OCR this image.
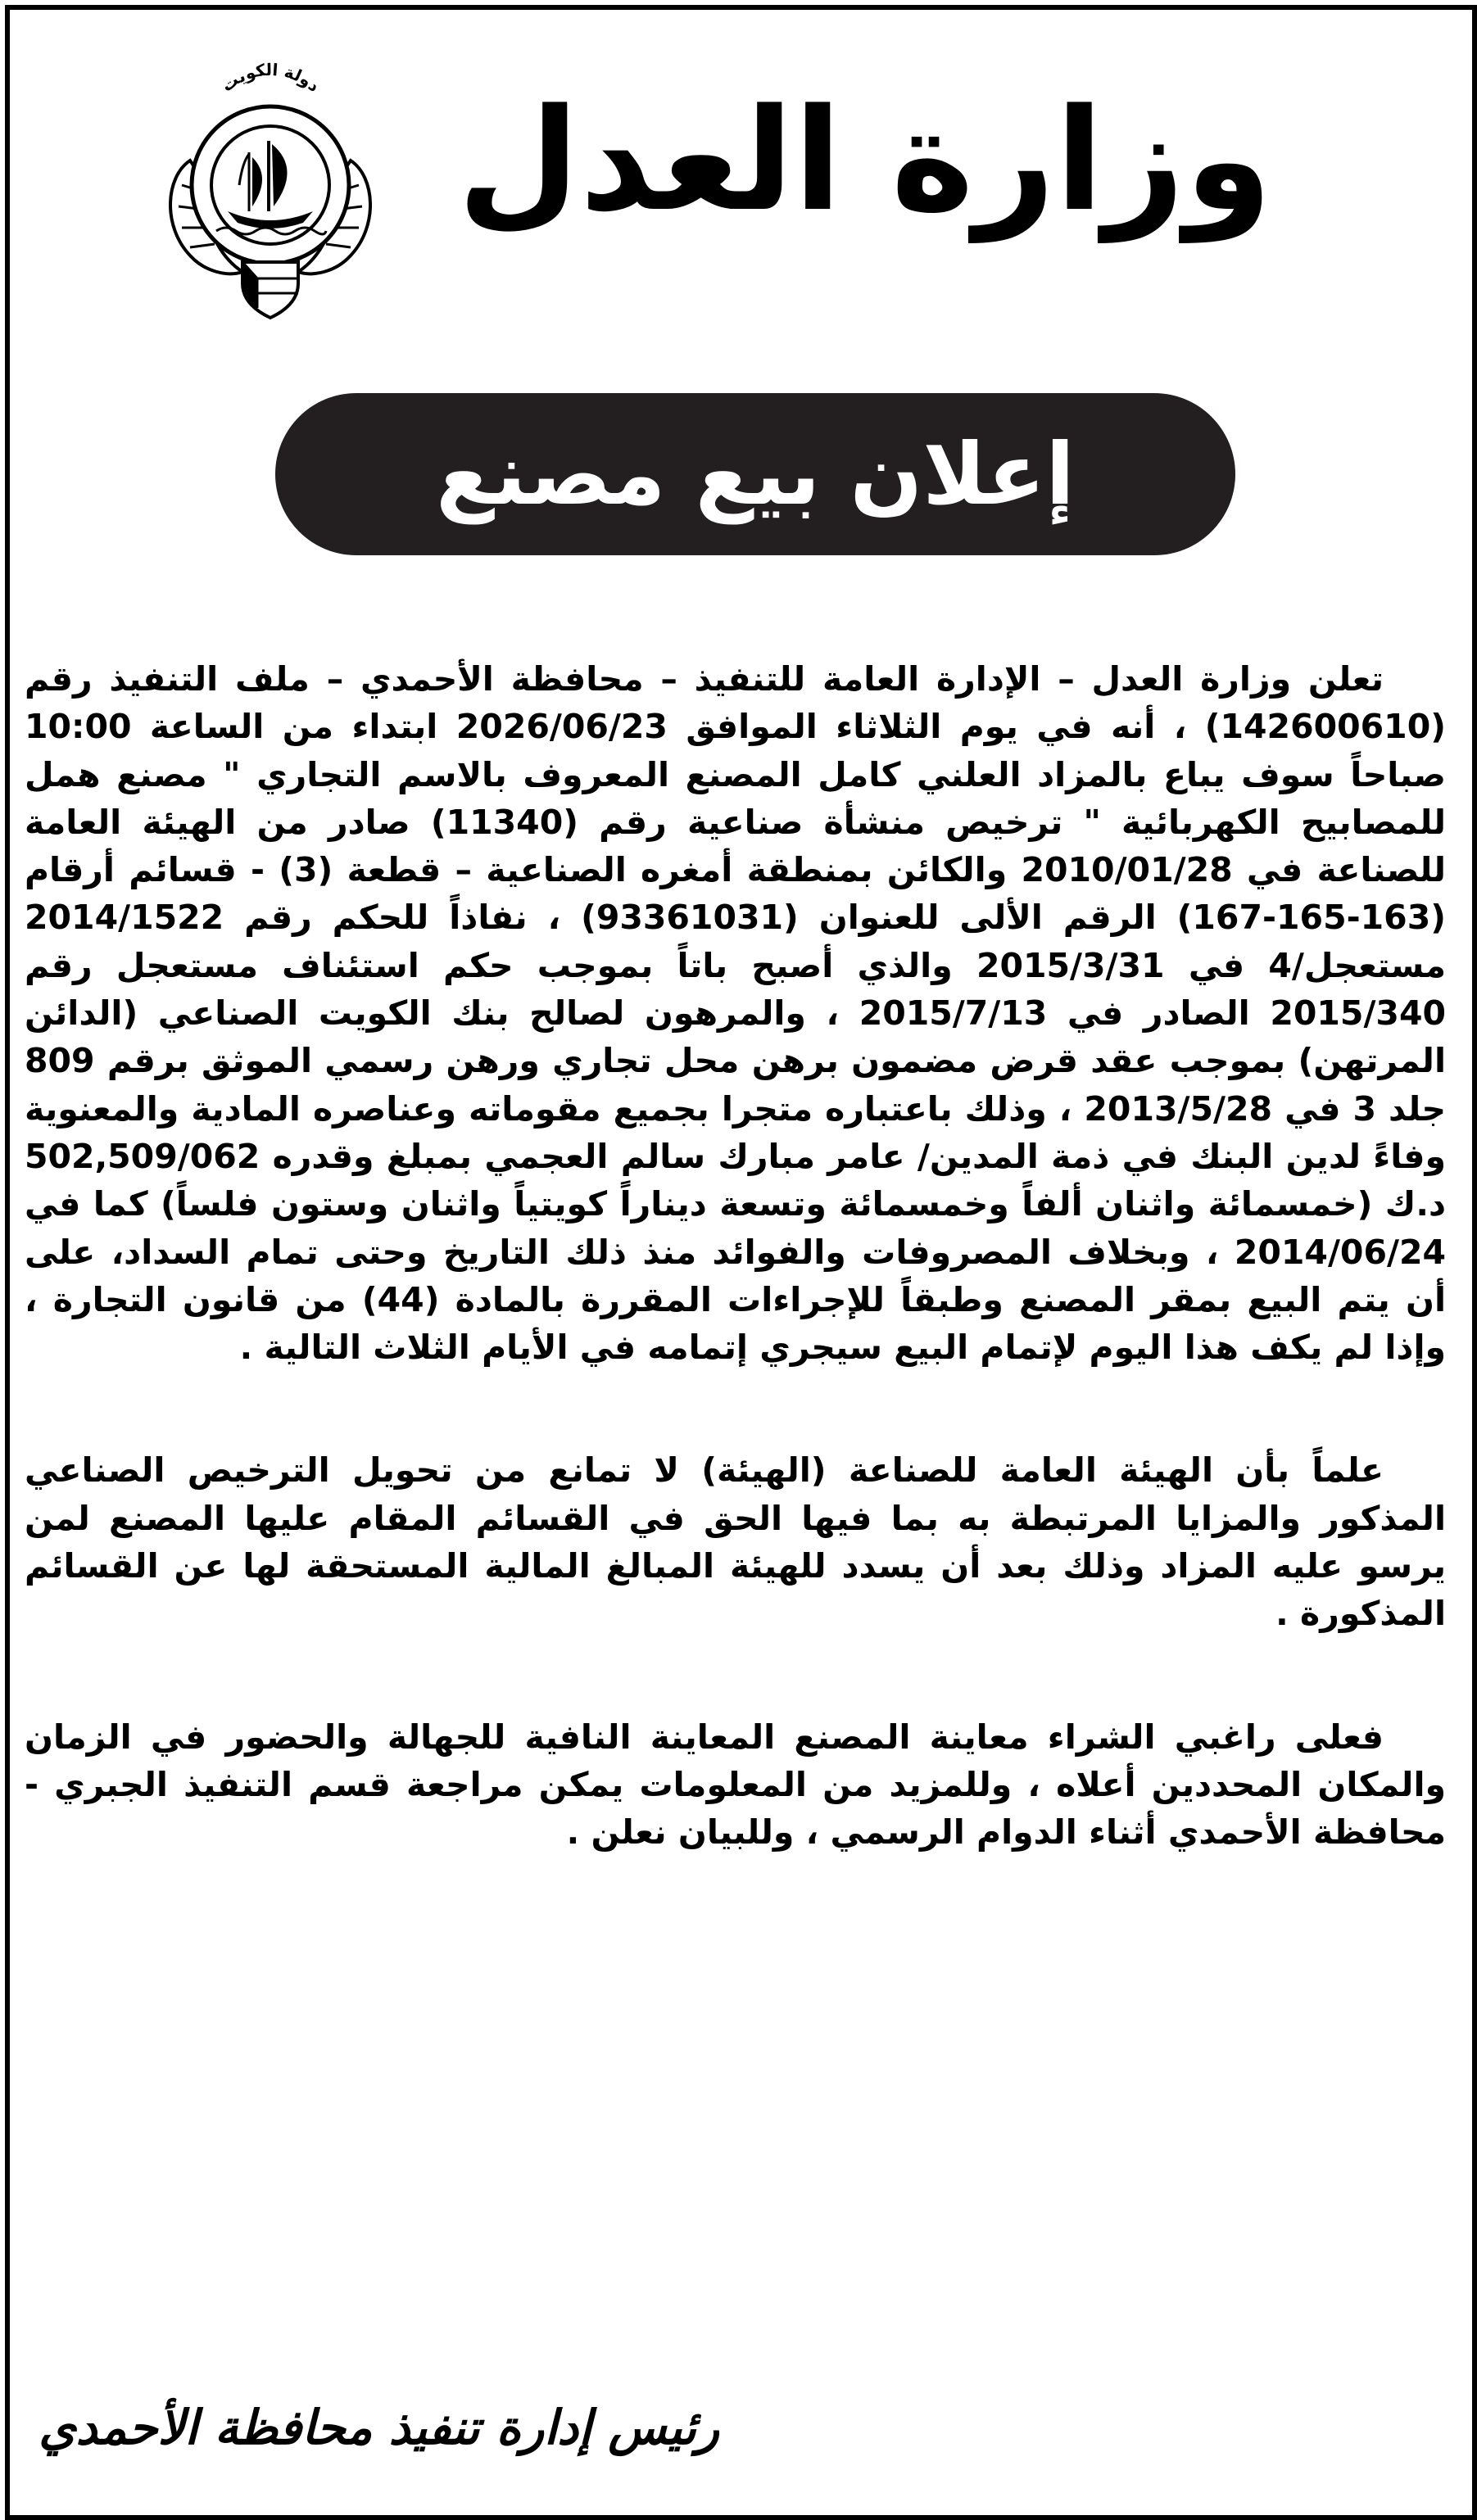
دولة الكويت وزارة العدل
إعلان بيع مصنع

تعلن وزارة العدل – الإدارة العامة للتنفيذ – محافظة الأحمدي – ملف التنفيذ رقم (142600610) ، أنه في يوم الثلاثاء الموافق 2026/06/23 ابتداء من الساعة 10:00 صباحاً سوف يباع بالمزاد العلني كامل المصنع المعروف بالاسم التجاري " مصنع همل للمصابيح الكهربائية " ترخيص منشأة صناعية رقم (11340) صادر من الهيئة العامة للصناعة في 2010/01/28 والكائن بمنطقة أمغره الصناعية – قطعة (3) - قسائم أرقام (163-165-167) الرقم الألى للعنوان (93361031) ، نفاذاً للحكم رقم 2014/1522 مستعجل/4 في 2015/3/31 والذي أصبح باتاً بموجب حكم استئناف مستعجل رقم 2015/340 الصادر في 2015/7/13 ، والمرهون لصالح بنك الكويت الصناعي (الدائن المرتهن) بموجب عقد قرض مضمون برهن محل تجاري ورهن رسمي الموثق برقم 809 جلد 3 في 2013/5/28 ، وذلك باعتباره متجرا بجميع مقوماته وعناصره المادية والمعنوية وفاءً لدين البنك في ذمة المدين/ عامر مبارك سالم العجمي بمبلغ وقدره 502,509/062 د.ك (خمسمائة واثنان ألفاً وخمسمائة وتسعة ديناراً كويتياً واثنان وستون فلساً) كما في 2014/06/24 ، وبخلاف المصروفات والفوائد منذ ذلك التاريخ وحتى تمام السداد، على أن يتم البيع بمقر المصنع وطبقاً للإجراءات المقررة بالمادة (44) من قانون التجارة ، وإذا لم يكف هذا اليوم لإتمام البيع سيجري إتمامه في الأيام الثلاث التالية .

علماً بأن الهيئة العامة للصناعة (الهيئة) لا تمانع من تحويل الترخيص الصناعي المذكور والمزايا المرتبطة به بما فيها الحق في القسائم المقام عليها المصنع لمن يرسو عليه المزاد وذلك بعد أن يسدد للهيئة المبالغ المالية المستحقة لها عن القسائم المذكورة .

فعلى راغبي الشراء معاينة المصنع المعاينة النافية للجهالة والحضور في الزمان والمكان المحددين أعلاه ، وللمزيد من المعلومات يمكن مراجعة قسم التنفيذ الجبري - محافظة الأحمدي أثناء الدوام الرسمي ، وللبيان نعلن .

رئيس إدارة تنفيذ محافظة الأحمدي
